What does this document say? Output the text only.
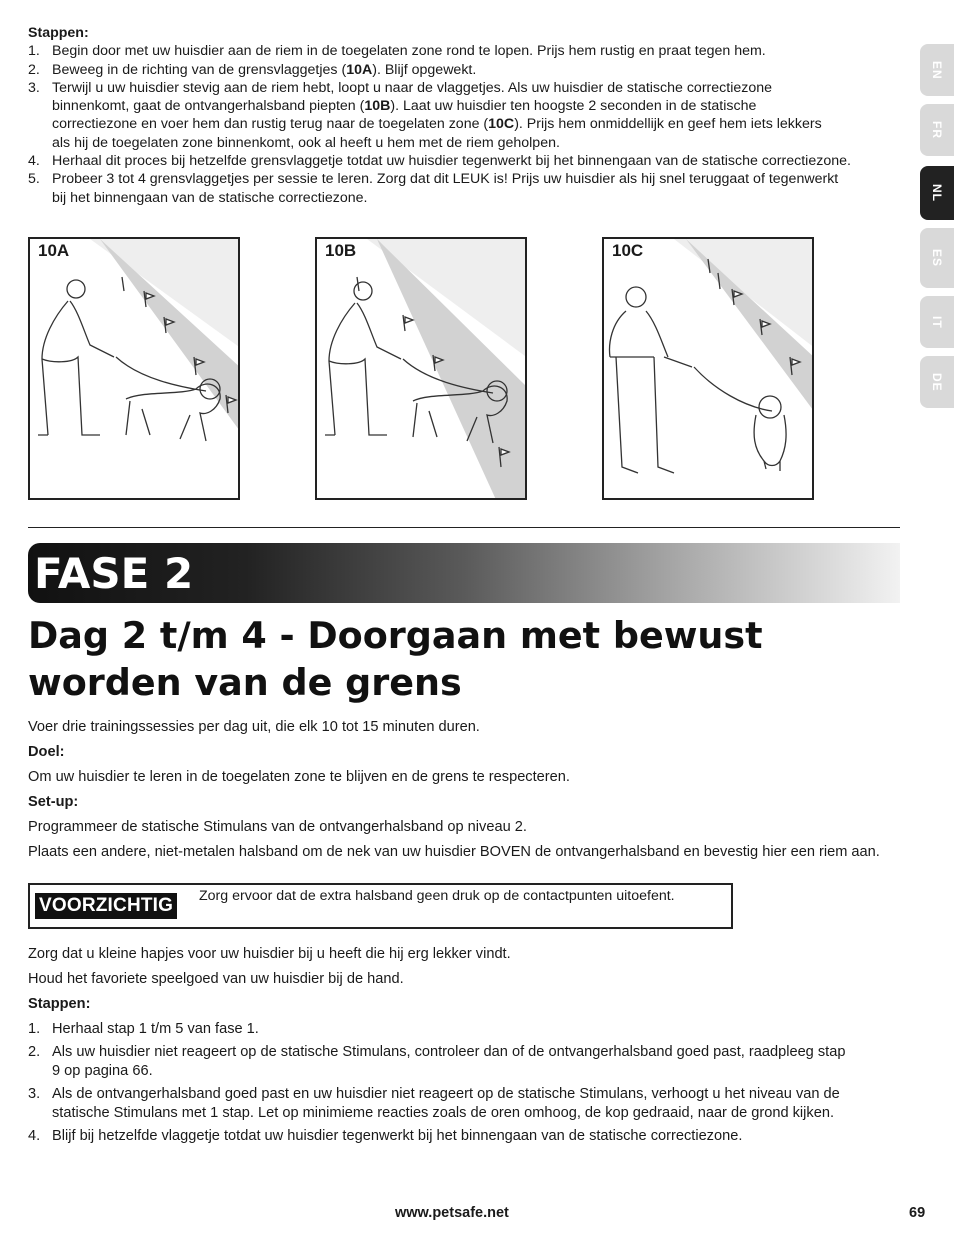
Stappen:
1. Begin door met uw huisdier aan de riem in de toegelaten zone rond te lopen. Prijs hem rustig en praat tegen hem.
2. Beweeg in de richting van de grensvlaggetjes (10A). Blijf opgewekt.
3. Terwijl u uw huisdier stevig aan de riem hebt, loopt u naar de vlaggetjes. Als uw huisdier de statische correctiezone
binnenkomt, gaat de ontvangerhalsband piepten (10B). Laat uw huisdier ten hoogste 2 seconden in de statische
correctiezone en voer hem dan rustig terug naar de toegelaten zone (10C). Prijs hem onmiddellijk en geef hem iets lekkers
als hij de toegelaten zone binnenkomt, ook al heeft u hem met de riem geholpen.
4. Herhaal dit proces bij hetzelfde grensvlaggetje totdat uw huisdier tegenwerkt bij het binnengaan van de statische correctiezone.
5. Probeer 3 tot 4 grensvlaggetjes per sessie te leren. Zorg dat dit LEUK is! Prijs uw huisdier als hij snel teruggaat of tegenwerkt
bij het binnengaan van de statische correctiezone.
EN
FR
NL
ES
IT
DE
10A	10B	10C
FASE 2
Dag 2 t/m 4 - Doorgaan met bewust
worden van de grens
Voer drie trainingssessies per dag uit, die elk 10 tot 15 minuten duren.
Doel:
Om uw huisdier te leren in de toegelaten zone te blijven en de grens te respecteren.
Set-up:
Programmeer de statische Stimulans van de ontvangerhalsband op niveau 2.
Plaats een andere, niet-metalen halsband om de nek van uw huisdier BOVEN de ontvangerhalsband en bevestig hier een riem aan.
VOORZICHTIG Zorg ervoor dat de extra halsband geen druk op de contactpunten uitoefent.
Zorg dat u kleine hapjes voor uw huisdier bij u heeft die hij erg lekker vindt.
Houd het favoriete speelgoed van uw huisdier bij de hand.
Stappen:
1. Herhaal stap 1 t/m 5 van fase 1.
2. Als uw huisdier niet reageert op de statische Stimulans, controleer dan of de ontvangerhalsband goed past, raadpleeg stap
9 op pagina 66.
3. Als de ontvangerhalsband goed past en uw huisdier niet reageert op de statische Stimulans, verhoogt u het niveau van de
statische Stimulans met 1 stap. Let op minimieme reacties zoals de oren omhoog, de kop gedraaid, naar de grond kijken.
4. Blijf bij hetzelfde vlaggetje totdat uw huisdier tegenwerkt bij het binnengaan van de statische correctiezone.
www.petsafe.net	69
